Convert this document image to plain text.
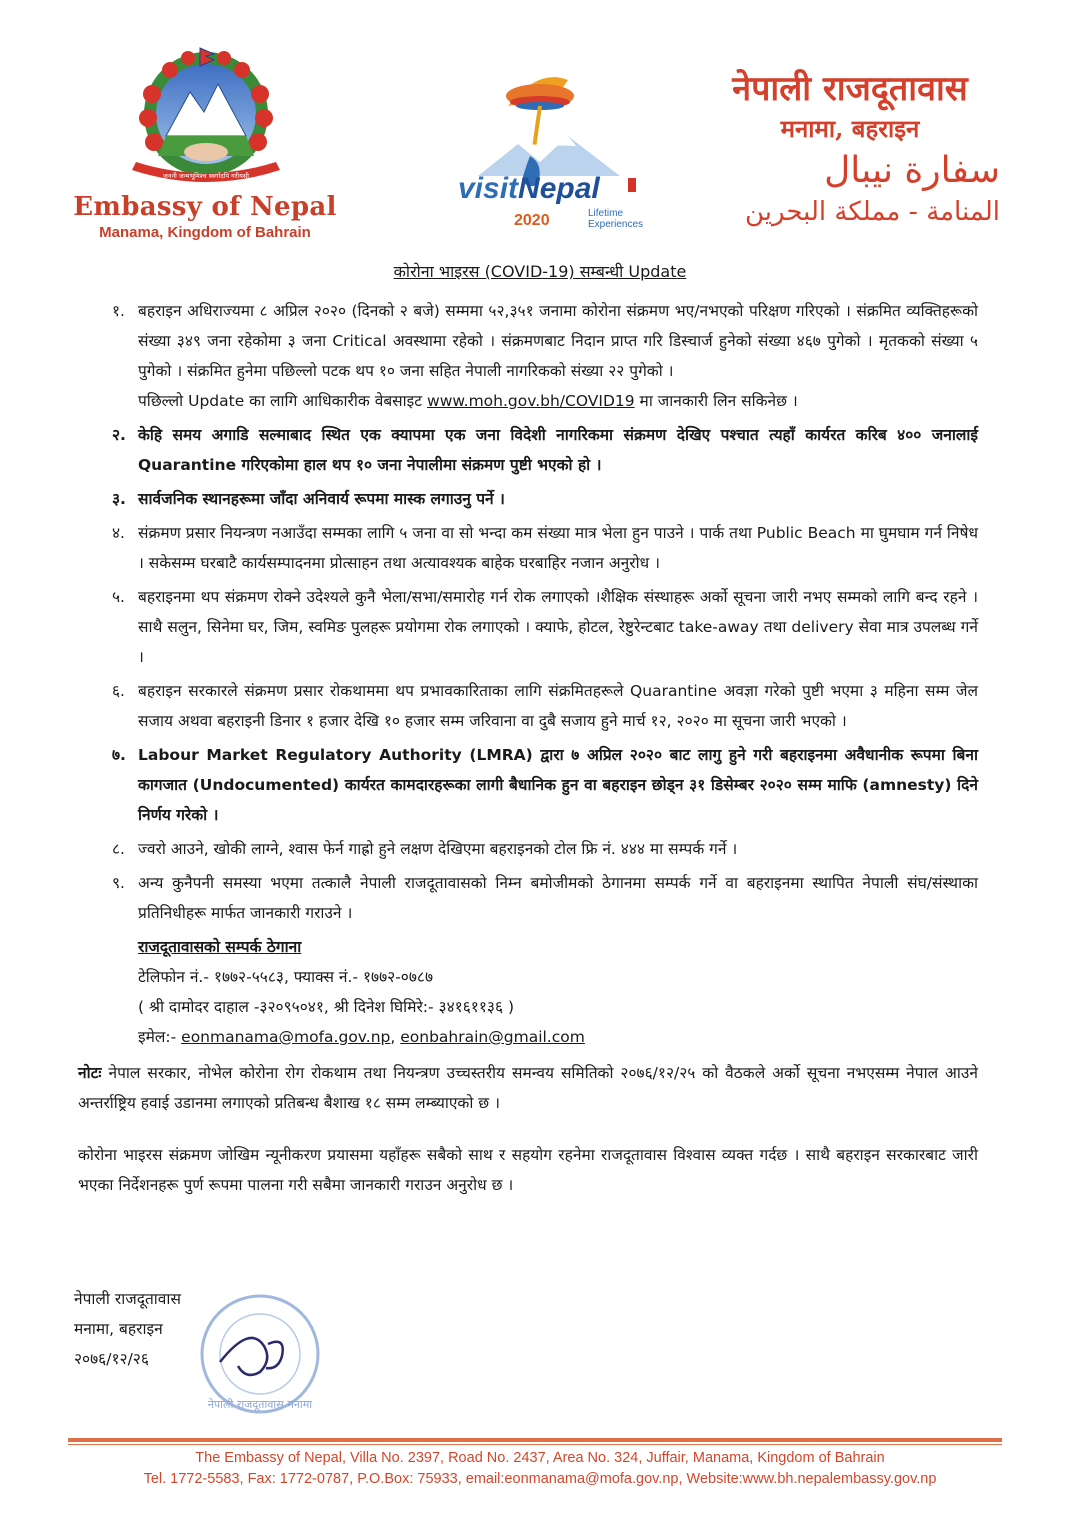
जननी जन्मभूमिश्च स्वर्गादपि गरीयसी
Embassy of Nepal
Manama, Kingdom of Bahrain
visitNepal
2020	Lifetime
Experiences
नेपाली राजदूतावास
मनामा, बहराइन
سفارة نيبال
المنامة - مملكة البحرين
कोरोना भाइरस (COVID-19) सम्बन्धी Update
१. बहराइन अधिराज्यमा ८ अप्रिल २०२० (दिनको २ बजे) सम्ममा ५२,३५१ जनामा कोरोना संक्रमण भए/नभएको परिक्षण गरिएको । संक्रमित व्यक्तिहरूको संख्या ३४९ जना रहेकोमा ३ जना Critical अवस्थामा रहेको । संक्रमणबाट निदान प्राप्त गरि डिस्चार्ज हुनेको संख्या ४६७ पुगेको । मृतकको संख्या ५ पुगेको । संक्रमित हुनेमा पछिल्लो पटक थप १० जना सहित नेपाली नागरिकको संख्या २२ पुगेको ।
पछिल्लो Update का लागि आधिकारीक वेबसाइट www.moh.gov.bh/COVID19 मा जानकारी लिन सकिनेछ ।
२. केहि समय अगाडि सल्माबाद स्थित एक क्यापमा एक जना विदेशी नागरिकमा संक्रमण देखिए पश्चात त्यहाँ कार्यरत करिब ४०० जनालाई Quarantine गरिएकोमा हाल थप १० जना नेपालीमा संक्रमण पुष्टी भएको हो ।
३. सार्वजनिक स्थानहरूमा जाँदा अनिवार्य रूपमा मास्क लगाउनु पर्ने ।
४. संक्रमण प्रसार नियन्त्रण नआउँदा सम्मका लागि ५ जना वा सो भन्दा कम संख्या मात्र भेला हुन पाउने । पार्क तथा Public Beach मा घुमघाम गर्न निषेध । सकेसम्म घरबाटै कार्यसम्पादनमा प्रोत्साहन तथा अत्यावश्यक बाहेक घरबाहिर नजान अनुरोध ।
५. बहराइनमा थप संक्रमण रोक्ने उदेश्यले कुनै भेला/सभा/समारोह गर्न रोक लगाएको ।शैक्षिक संस्थाहरू अर्को सूचना जारी नभए सम्मको लागि बन्द रहने । साथै सलुन, सिनेमा घर, जिम, स्वमिङ पुलहरू प्रयोगमा रोक लगाएको । क्याफे, होटल, रेष्टुरेन्टबाट take-away तथा delivery सेवा मात्र उपलब्ध गर्ने ।
६. बहराइन सरकारले संक्रमण प्रसार रोकथाममा थप प्रभावकारिताका लागि संक्रमितहरूले Quarantine अवज्ञा गरेको पुष्टी भएमा ३ महिना सम्म जेल सजाय अथवा बहराइनी डिनार १ हजार देखि १० हजार सम्म जरिवाना वा दुबै सजाय हुने मार्च १२, २०२० मा सूचना जारी भएको ।
७. Labour Market Regulatory Authority (LMRA) द्वारा ७ अप्रिल २०२० बाट लागु हुने गरी बहराइनमा अवैधानीक रूपमा बिना कागजात (Undocumented) कार्यरत कामदारहरूका लागी बैधानिक हुन वा बहराइन छोड्न ३१ डिसेम्बर २०२० सम्म माफि (amnesty) दिने निर्णय गरेको ।
८. ज्वरो आउने, खोकी लाग्ने, श्वास फेर्न गाह्रो हुने लक्षण देखिएमा बहराइनको टोल फ्रि नं. ४४४ मा सम्पर्क गर्ने ।
९. अन्य कुनैपनी समस्या भएमा तत्कालै नेपाली राजदूतावासको निम्न बमोजीमको ठेगानमा सम्पर्क गर्ने वा बहराइनमा स्थापित नेपाली संघ/संस्थाका प्रतिनिधीहरू मार्फत जानकारी गराउने ।
राजदूतावासको सम्पर्क ठेगाना
टेलिफोन नं.- १७७२-५५८३, फ्याक्स नं.- १७७२-०७८७
( श्री दामोदर दाहाल -३२०९५०४१, श्री दिनेश घिमिरे:- ३४१६११३६ )
इमेल:- eonmanama@mofa.gov.np, eonbahrain@gmail.com
नोटः नेपाल सरकार, नोभेल कोरोना रोग रोकथाम तथा नियन्त्रण उच्चस्तरीय समन्वय समितिको २०७६/१२/२५ को वैठकले अर्को सूचना नभएसम्म नेपाल आउने अन्तर्राष्ट्रिय हवाई उडानमा लगाएको प्रतिबन्ध बैशाख १८ सम्म लम्ब्याएको छ ।
कोरोना भाइरस संक्रमण जोखिम न्यूनीकरण प्रयासमा यहाँहरू सबैको साथ र सहयोग रहनेमा राजदूतावास विश्वास व्यक्त गर्दछ । साथै बहराइन सरकारबाट जारी भएका निर्देशनहरू पुर्ण रूपमा पालना गरी सबैमा जानकारी गराउन अनुरोध छ ।
नेपाली राजदूतावास
मनामा, बहराइन
२०७६/१२/२६
नेपाली राजदूतावास मनामा
The Embassy of Nepal, Villa No. 2397, Road No. 2437, Area No. 324, Juffair, Manama, Kingdom of Bahrain
Tel. 1772-5583, Fax: 1772-0787, P.O.Box: 75933, email:eonmanama@mofa.gov.np, Website:www.bh.nepalembassy.gov.np
